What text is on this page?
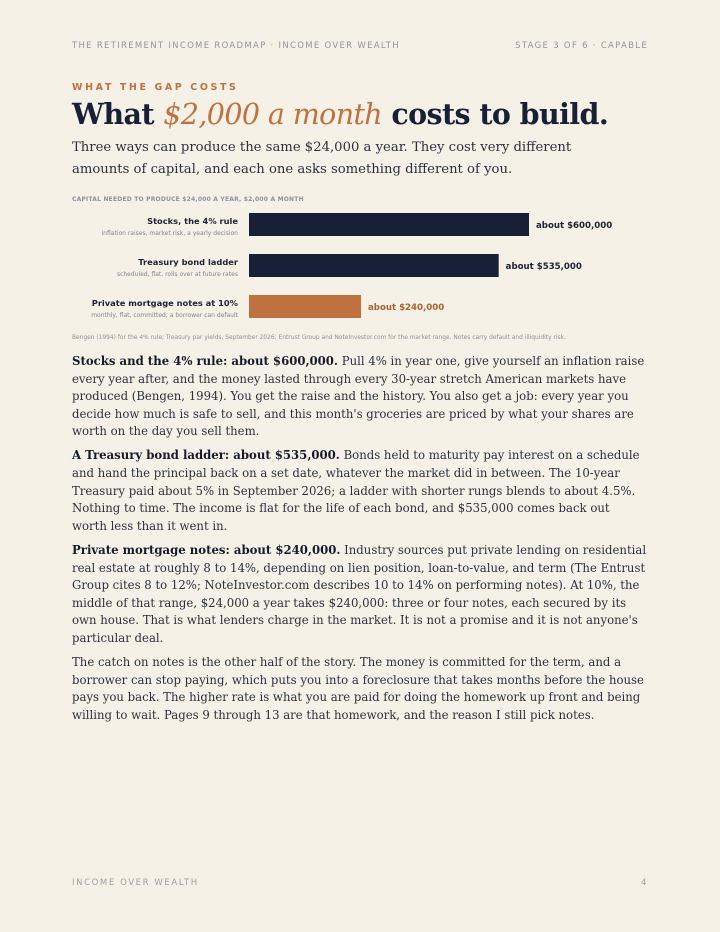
THE RETIREMENT INCOME ROADMAP · INCOME OVER WEALTH	STAGE 3 OF 6 · CAPABLE
WHAT THE GAP COSTS
What $2,000 a month costs to build.

Three ways can produce the same $24,000 a year. They cost very different amounts of capital, and each one asks something different of you.

CAPITAL NEEDED TO PRODUCE $24,000 A YEAR, $2,000 A MONTH
Stocks, the 4% rule
inflation raises, market risk, a yearly decision
about $600,000
Treasury bond ladder
scheduled, flat, rolls over at future rates
about $535,000
Private mortgage notes at 10%
monthly, flat, committed; a borrower can default
about $240,000
Bengen (1994) for the 4% rule; Treasury par yields, September 2026; Entrust Group and NoteInvestor.com for the market range. Notes carry default and illiquidity risk.

Stocks and the 4% rule: about $600,000. Pull 4% in year one, give yourself an inflation raise every year after, and the money lasted through every 30-year stretch American markets have produced (Bengen, 1994). You get the raise and the history. You also get a job: every year you decide how much is safe to sell, and this month's groceries are priced by what your shares are worth on the day you sell them.

A Treasury bond ladder: about $535,000. Bonds held to maturity pay interest on a schedule and hand the principal back on a set date, whatever the market did in between. The 10-year Treasury paid about 5% in September 2026; a ladder with shorter rungs blends to about 4.5%. Nothing to time. The income is flat for the life of each bond, and $535,000 comes back out worth less than it went in.

Private mortgage notes: about $240,000. Industry sources put private lending on residential real estate at roughly 8 to 14%, depending on lien position, loan-to-value, and term (The Entrust Group cites 8 to 12%; NoteInvestor.com describes 10 to 14% on performing notes). At 10%, the middle of that range, $24,000 a year takes $240,000: three or four notes, each secured by its own house. That is what lenders charge in the market. It is not a promise and it is not anyone's particular deal.

The catch on notes is the other half of the story. The money is committed for the term, and a borrower can stop paying, which puts you into a foreclosure that takes months before the house pays you back. The higher rate is what you are paid for doing the homework up front and being willing to wait. Pages 9 through 13 are that homework, and the reason I still pick notes.

INCOME OVER WEALTH	4
